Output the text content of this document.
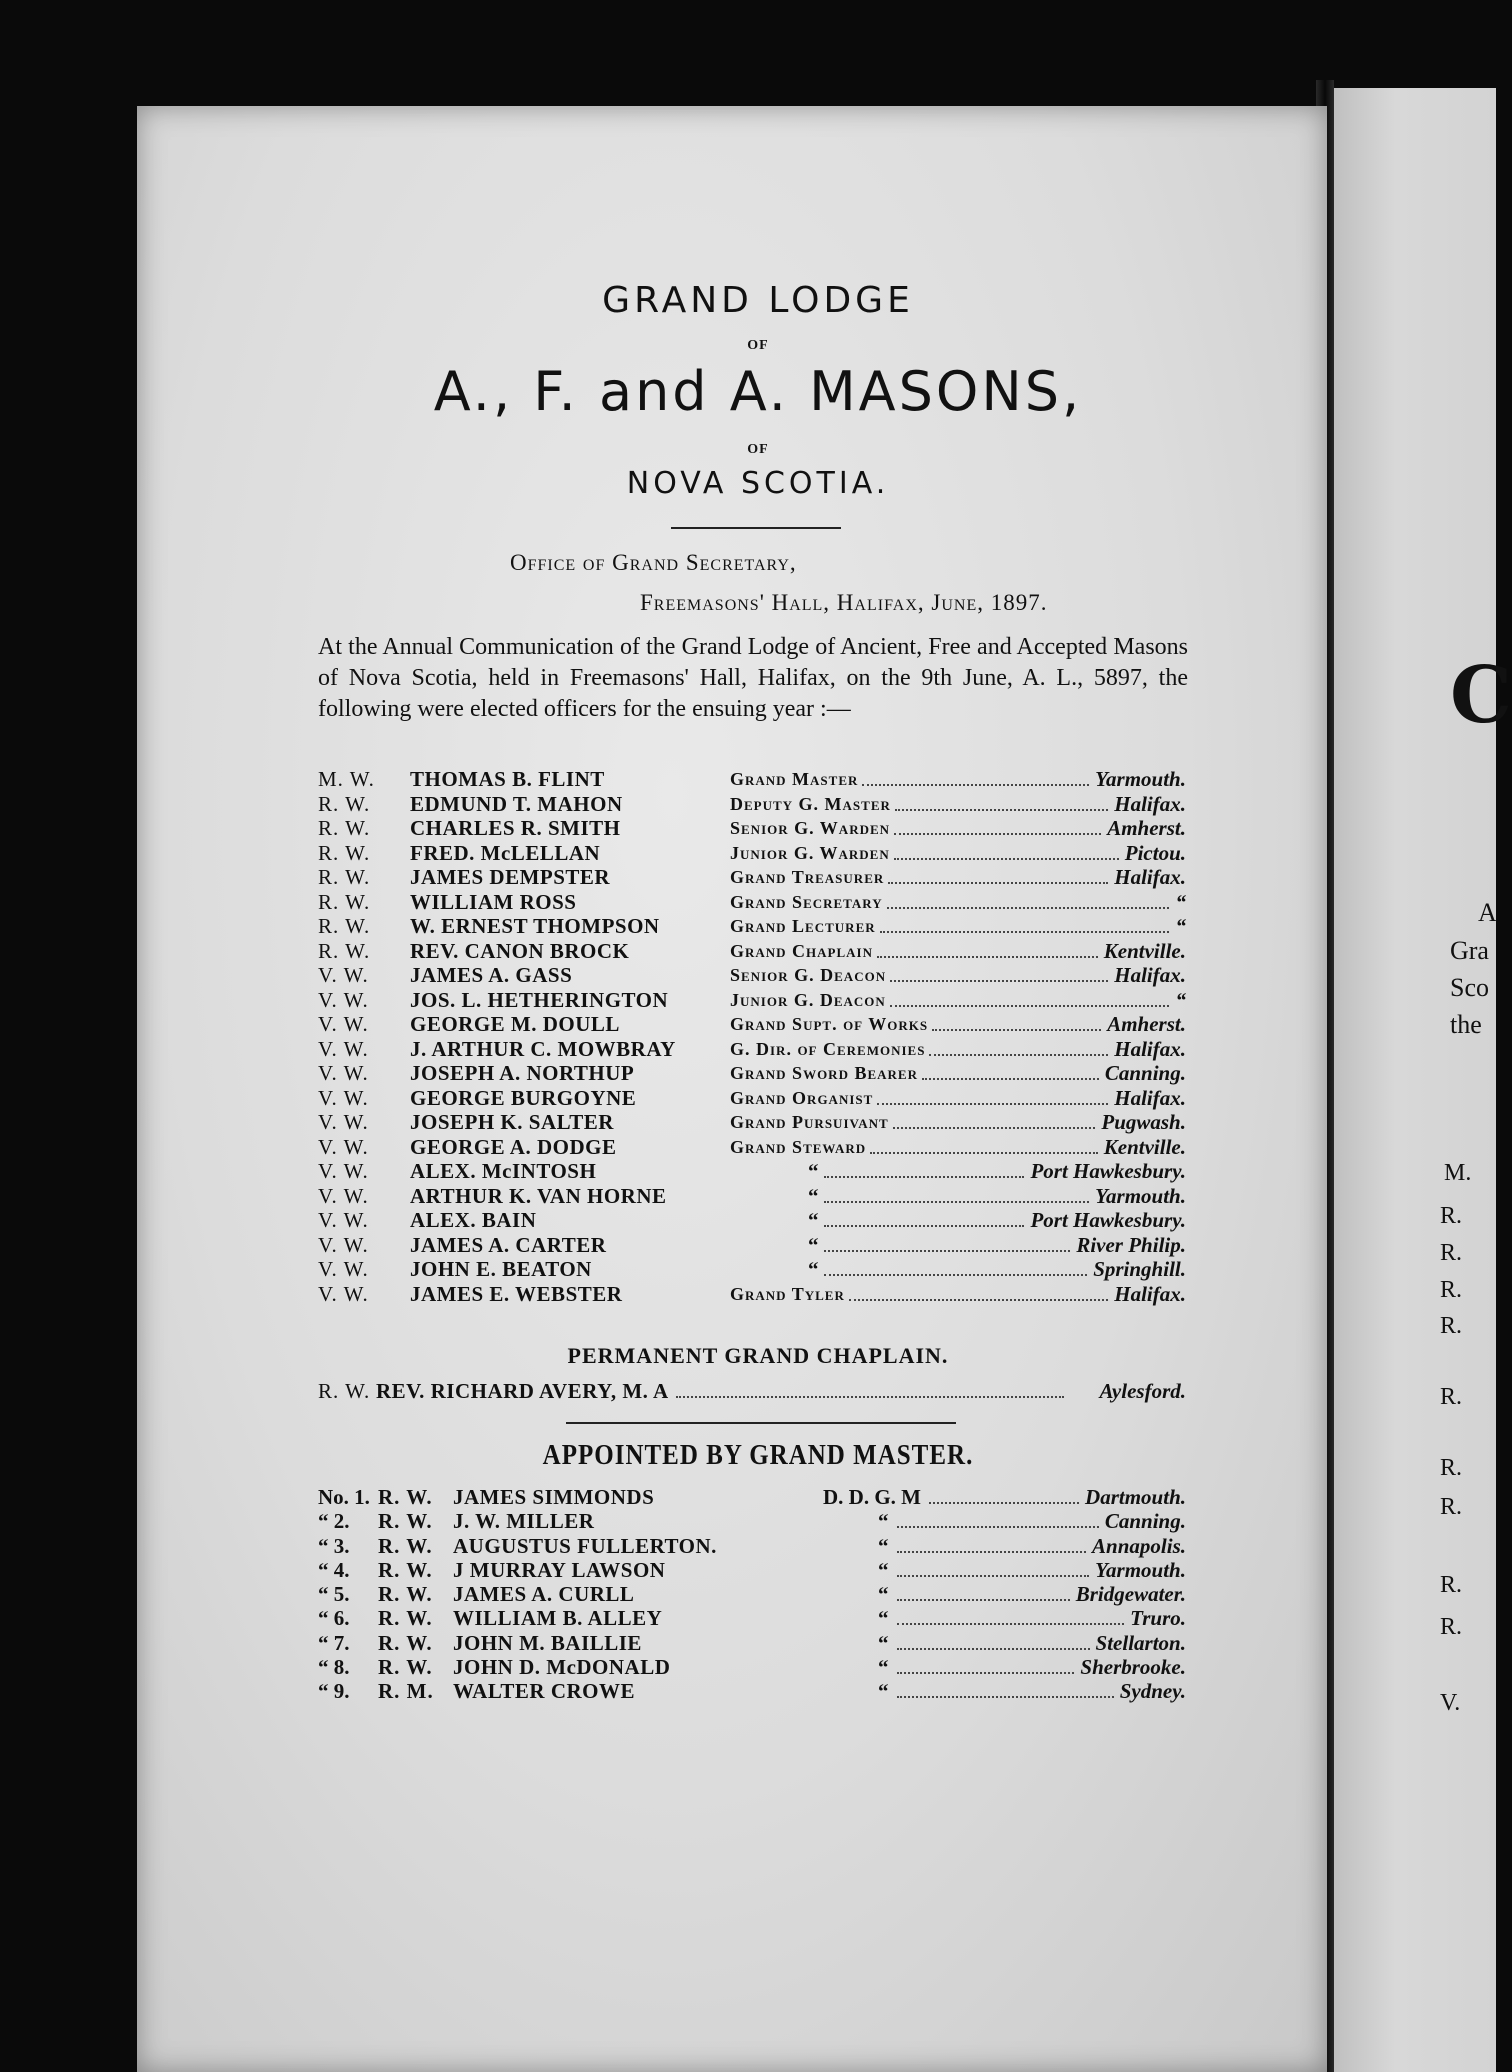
GRAND LODGE
OF
A., F. and A. MASONS,
OF
NOVA SCOTIA.
Office of Grand Secretary,
Freemasons' Hall, Halifax, June, 1897.

At the Annual Communication of the Grand Lodge of Ancient, Free and Accepted Masons of Nova Scotia, held in Freemasons' Hall, Halifax, on the 9th June, A. L., 5897, the following were elected officers for the ensuing year :—

M. W.	THOMAS B. FLINT	Grand Master	Yarmouth.
R. W.	EDMUND T. MAHON	Deputy G. Master	Halifax.
R. W.	CHARLES R. SMITH	Senior G. Warden	Amherst.
R. W.	FRED. McLELLAN	Junior G. Warden	Pictou.
R. W.	JAMES DEMPSTER	Grand Treasurer	Halifax.
R. W.	WILLIAM ROSS	Grand Secretary	“
R. W.	W. ERNEST THOMPSON	Grand Lecturer	“
R. W.	REV. CANON BROCK	Grand Chaplain	Kentville.
V. W.	JAMES A. GASS	Senior G. Deacon	Halifax.
V. W.	JOS. L. HETHERINGTON	Junior G. Deacon	“
V. W.	GEORGE M. DOULL	Grand Supt. of Works	Amherst.
V. W.	J. ARTHUR C. MOWBRAY	G. Dir. of Ceremonies	Halifax.
V. W.	JOSEPH A. NORTHUP	Grand Sword Bearer	Canning.
V. W.	GEORGE BURGOYNE	Grand Organist	Halifax.
V. W.	JOSEPH K. SALTER	Grand Pursuivant	Pugwash.
V. W.	GEORGE A. DODGE	Grand Steward	Kentville.
V. W.	ALEX. McINTOSH	“	Port Hawkesbury.
V. W.	ARTHUR K. VAN HORNE	“	Yarmouth.
V. W.	ALEX. BAIN	“	Port Hawkesbury.
V. W.	JAMES A. CARTER	“	River Philip.
V. W.	JOHN E. BEATON	“	Springhill.
V. W.	JAMES E. WEBSTER	Grand Tyler	Halifax.
PERMANENT GRAND CHAPLAIN.
R. W. REV. RICHARD AVERY, M. A	Aylesford.
APPOINTED BY GRAND MASTER.
No. 1. R. W. JAMES SIMMONDS	D. D. G. M	Dartmouth.
“ 2.	R. W. J. W. MILLER	“	Canning.
“ 3.	R. W. AUGUSTUS FULLERTON.	“	Annapolis.
“ 4.	R. W. J MURRAY LAWSON	“	Yarmouth.
“ 5.	R. W. JAMES A. CURLL	“	Bridgewater.
“ 6.	R. W. WILLIAM B. ALLEY	“	Truro.
“ 7.	R. W. JOHN M. BAILLIE	“	Stellarton.
“ 8.	R. W. JOHN D. McDONALD	“	Sherbrooke.
“ 9.	R. M. WALTER CROWE	“	Sydney.
C
A
Gra
Sco
the
M.
R.
R.
R.
R.
R.
R.
R.
R.
R.
V.
